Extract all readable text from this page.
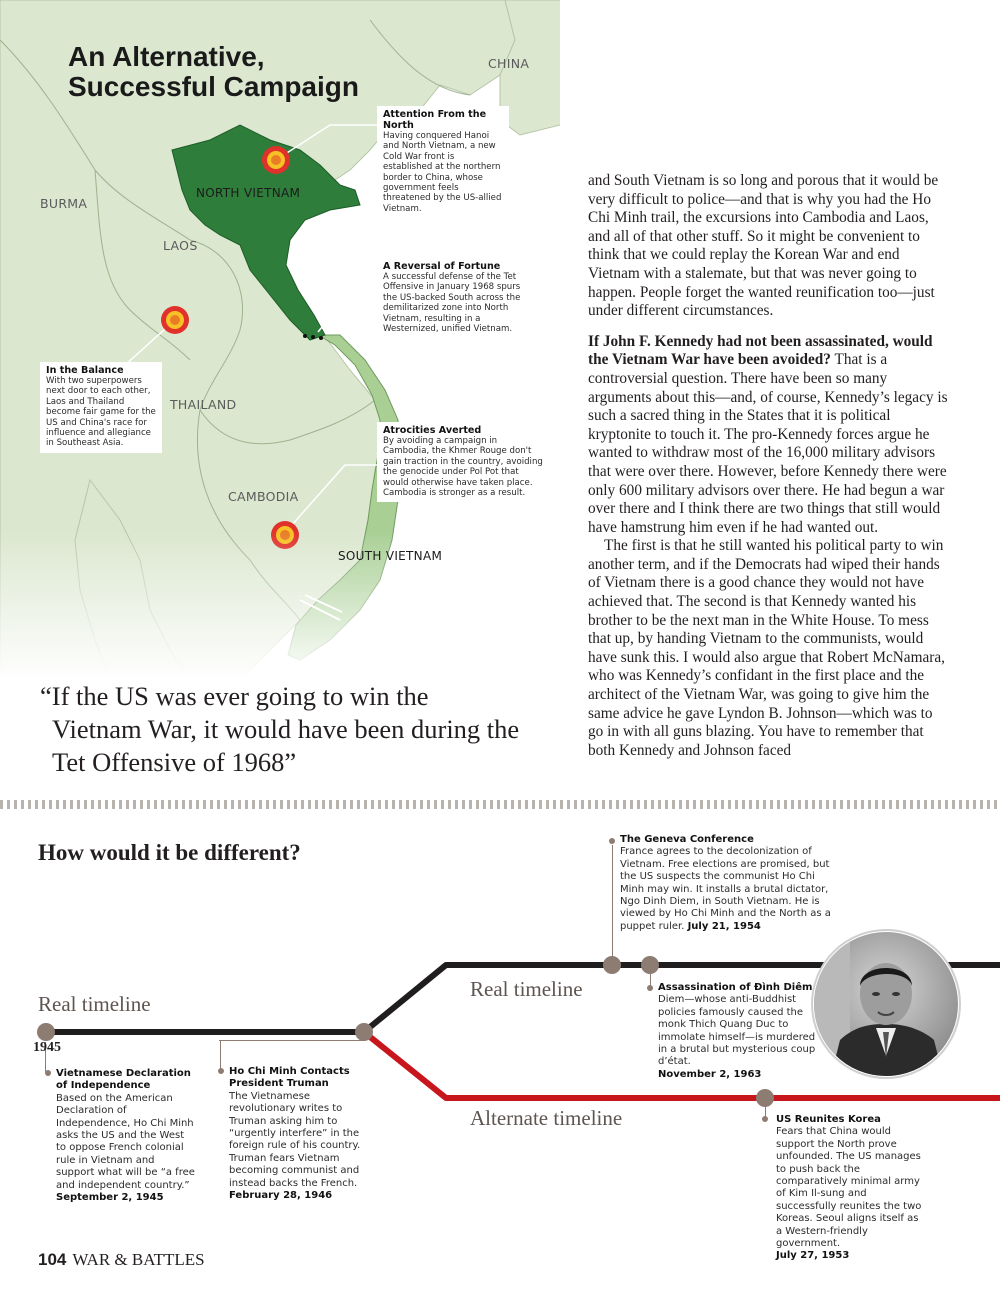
An Alternative, Successful Campaign
CHINA
BURMA
LAOS
THAILAND
CAMBODIA
NORTH VIETNAM
SOUTH VIETNAM
Attention From the North
Having conquered Hanoi and North Vietnam, a new Cold War front is established at the northern border to China, whose government feels threatened by the US-allied Vietnam.
A Reversal of Fortune
A successful defense of the Tet Offensive in January 1968 spurs the US-backed South across the demilitarized zone into North Vietnam, resulting in a Westernized, unified Vietnam.
In the Balance
With two superpowers next door to each other, Laos and Thailand become fair game for the US and China's race for influence and allegiance in Southeast Asia.
Atrocities Averted
By avoiding a campaign in Cambodia, the Khmer Rouge don't gain traction in the country, avoiding the genocide under Pol Pot that would otherwise have taken place. Cambodia is stronger as a result.
“If the US was ever going to win the Vietnam War, it would have been during the Tet Offensive of 1968”

and South Vietnam is so long and porous that it would be very difficult to police—and that is why you had the Ho Chi Minh trail, the excursions into Cambodia and Laos, and all of that other stuff. So it might be convenient to think that we could replay the Korean War and end Vietnam with a stalemate, but that was never going to happen. People forget the wanted reunification too—just under different circumstances.

If John F. Kennedy had not been assassinated, would the Vietnam War have been avoided? That is a controversial question. There have been so many arguments about this—and, of course, Kennedy’s legacy is such a sacred thing in the States that it is political kryptonite to touch it. The pro-Kennedy forces argue he wanted to withdraw most of the 16,000 military advisors that were over there. However, before Kennedy there were only 600 military advisors over there. He had begun a war over there and I think there are two things that still would have hamstrung him even if he had wanted out.

The first is that he still wanted his political party to win another term, and if the Democrats had wiped their hands of Vietnam there is a good chance they would not have achieved that. The second is that Kennedy wanted his brother to be the next man in the White House. To mess that up, by handing Vietnam to the communists, would have sunk this. I would also argue that Robert McNamara, who was Kennedy’s confidant in the first place and the architect of the Vietnam War, was going to give him the same advice he gave Lyndon B. Johnson—which was to go in with all guns blazing. You have to remember that both Kennedy and Johnson faced

How would it be different?
Real timeline
Real timeline
Alternate timeline
1945
Vietnamese Declaration of Independence
Based on the American Declaration of Independence, Ho Chi Minh asks the US and the West to oppose French colonial rule in Vietnam and support what will be “a free and independent country.”
September 2, 1945
Ho Chi Minh Contacts President Truman
The Vietnamese revolutionary writes to Truman asking him to “urgently interfere” in the foreign rule of his country. Truman fears Vietnam becoming communist and instead backs the French.
February 28, 1946
The Geneva Conference
France agrees to the decolonization of Vietnam. Free elections are promised, but the US suspects the communist Ho Chi Minh may win. It installs a brutal dictator, Ngo Dinh Diem, in South Vietnam. He is viewed by Ho Chi Minh and the North as a puppet ruler. July 21, 1954
Assassination of Đình Diêm
Diem—whose anti-Buddhist policies famously caused the monk Thich Quang Duc to immolate himself—is murdered in a brutal but mysterious coup d’état.
November 2, 1963
US Reunites Korea
Fears that China would support the North prove unfounded. The US manages to push back the comparatively minimal army of Kim Il-sung and successfully reunites the two Koreas. Seoul aligns itself as a Western-friendly government.
July 27, 1953
104 WAR & BATTLES
